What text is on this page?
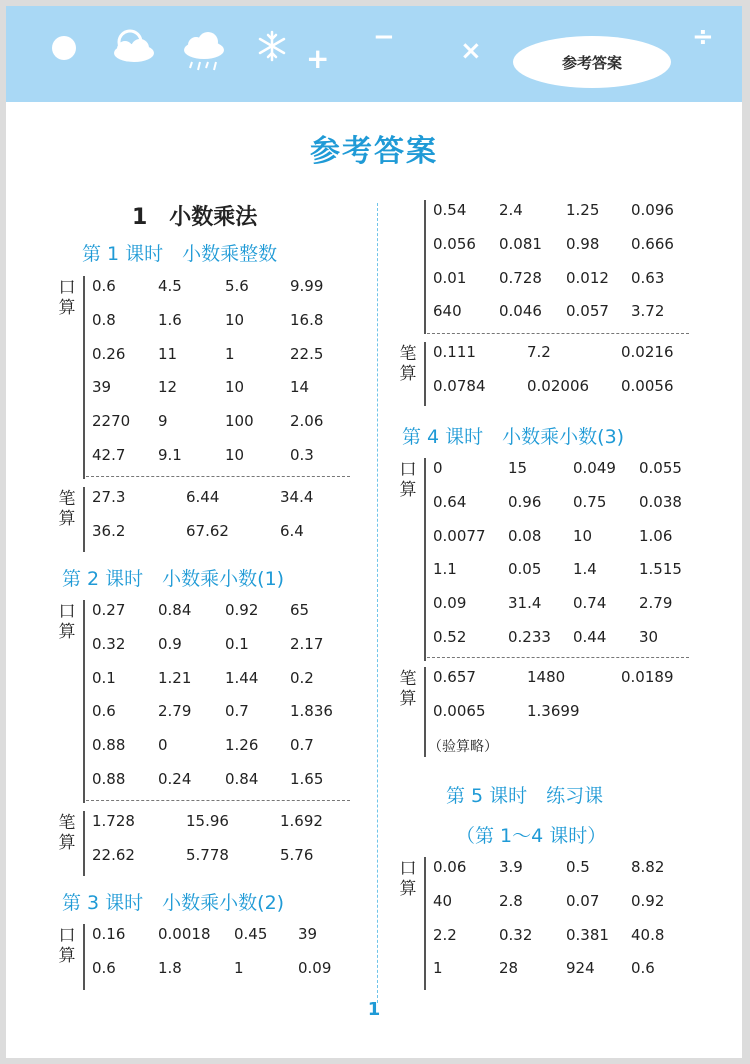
+
−	×	÷
参考答案
参考答案
1　小数乘法
第 1 课时　小数乘整数
口算
0.6	4.5	5.6	9.99
0.8	1.6	10	16.8
0.26 11	1	22.5
39	12	10	14
2270 9	100 2.06
42.7 9.1	10	0.3
笔算
27.3	6.44	34.4
36.2	67.62	6.4
第 2 课时　小数乘小数(1)
口算
0.27 0.84 0.92 65
0.32 0.9	0.1	2.17
0.1	1.21 1.44 0.2
0.6	2.79 0.7	1.836
0.88 0	1.26 0.7
0.88 0.24 0.84 1.65
笔算
1.728	15.96	1.692
22.62	5.778	5.76
第 3 课时　小数乘小数(2)
口算
0.16 0.0018 0.45 39
0.6	1.8	1	0.09
0.54 2.4	1.25 0.096
0.056 0.081 0.98 0.666
0.01 0.728 0.012 0.63
640 0.046 0.057 3.72
笔算
0.111	7.2	0.0216
0.0784	0.02006 0.0056
第 4 课时　小数乘小数(3)
口算
0	15	0.049 0.055
0.64	0.96 0.75 0.038
0.0077 0.08 10	1.06
1.1	0.05 1.4	1.515
0.09	31.4 0.74 2.79
0.52	0.233 0.44 30
笔算
0.657	1480	0.0189
0.0065	1.3699
（验算略）
第 5 课时　练习课
（第 1～4 课时）
口算
0.06 3.9	0.5	8.82
40	2.8	0.07 0.92
2.2	0.32 0.381 40.8
1	28	924 0.6
1
